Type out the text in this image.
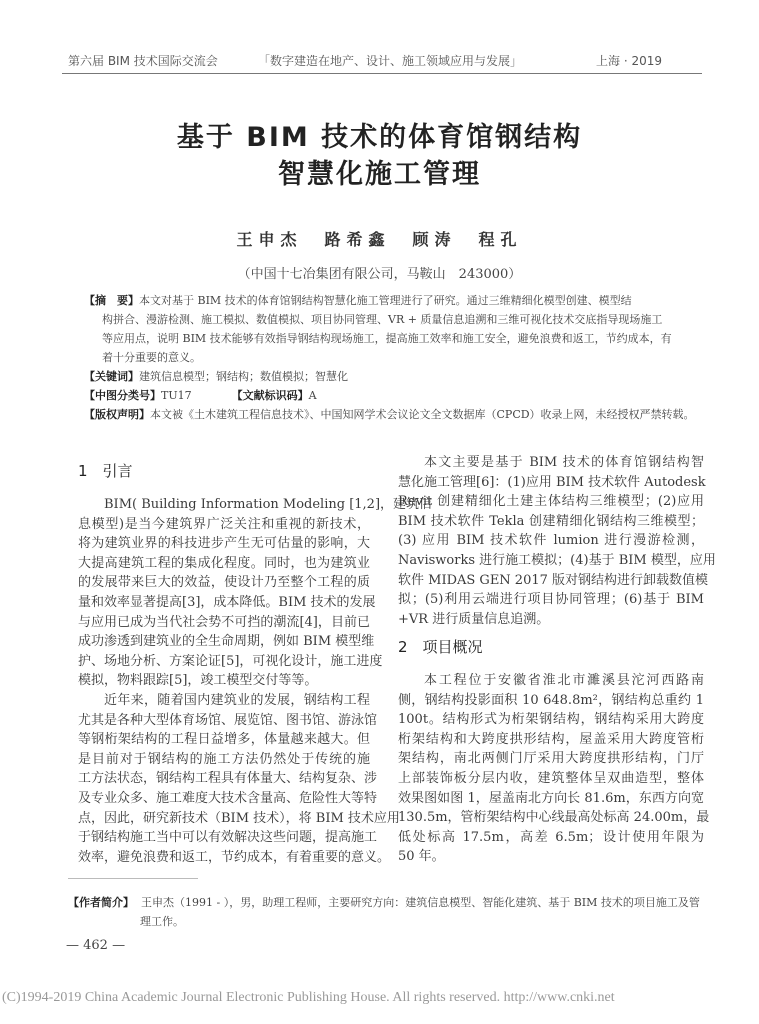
第六届 BIM 技术国际交流会	「数字建造在地产、设计、施工领域应用与发展」	上海 · 2019
基于 BIM 技术的体育馆钢结构
智慧化施工管理
王申杰　路希鑫　顾涛　程孔
（中国十七冶集团有限公司，马鞍山　243000）
【摘　要】本文对基于 BIM 技术的体育馆钢结构智慧化施工管理进行了研究。通过三维精细化模型创建、模型结
构拼合、漫游检测、施工模拟、数值模拟、项目协同管理、VR + 质量信息追溯和三维可视化技术交底指导现场施工
等应用点，说明 BIM 技术能够有效指导钢结构现场施工，提高施工效率和施工安全，避免浪费和返工，节约成本，有
着十分重要的意义。
【关键词】建筑信息模型；钢结构；数值模拟；智慧化
【中图分类号】TU17	【文献标识码】A
【版权声明】本文被《土木建筑工程信息技术》、中国知网学术会议论文全文数据库（CPCD）收录上网，未经授权严禁转载。
1　引言
BIM( Building Information Modeling [1,2]，建筑信
息模型)是当今建筑界广泛关注和重视的新技术，
将为建筑业界的科技进步产生无可估量的影响，大
大提高建筑工程的集成化程度。同时，也为建筑业
的发展带来巨大的效益，使设计乃至整个工程的质
量和效率显著提高[3]，成本降低。BIM 技术的发展
与应用已成为当代社会势不可挡的潮流[4]，目前已
成功渗透到建筑业的全生命周期，例如 BIM 模型维
护、场地分析、方案论证[5]，可视化设计，施工进度
模拟，物料跟踪[5]，竣工模型交付等等。
近年来，随着国内建筑业的发展，钢结构工程
尤其是各种大型体育场馆、展览馆、图书馆、游泳馆
等钢桁架结构的工程日益增多，体量越来越大。但
是目前对于钢结构的施工方法仍然处于传统的施
工方法状态，钢结构工程具有体量大、结构复杂、涉
及专业众多、施工难度大技术含量高、危险性大等特
点，因此，研究新技术（BIM 技术），将 BIM 技术应用
于钢结构施工当中可以有效解决这些问题，提高施工
效率，避免浪费和返工，节约成本，有着重要的意义。
本文主要是基于 BIM 技术的体育馆钢结构智
慧化施工管理[6]：(1)应用 BIM 技术软件 Autodesk
Revit 创建精细化土建主体结构三维模型；(2)应用
BIM 技术软件 Tekla 创建精细化钢结构三维模型；
(3) 应用 BIM 技术软件 lumion 进行漫游检测，
Navisworks 进行施工模拟；(4)基于 BIM 模型，应用
软件 MIDAS GEN 2017 版对钢结构进行卸载数值模
拟；(5)利用云端进行项目协同管理；(6)基于 BIM
+VR 进行质量信息追溯。
2　项目概况
本工程位于安徽省淮北市濉溪县沱河西路南
侧，钢结构投影面积 10 648.8m²，钢结构总重约 1
100t。结构形式为桁架钢结构，钢结构采用大跨度
桁架结构和大跨度拱形结构，屋盖采用大跨度管桁
架结构，南北两侧门厅采用大跨度拱形结构，门厅
上部装饰板分层内收，建筑整体呈双曲造型，整体
效果图如图 1，屋盖南北方向长 81.6m，东西方向宽
130.5m，管桁架结构中心线最高处标高 24.00m，最
低处标高 17.5m，高差 6.5m；设计使用年限为
50 年。
【作者简介】 王申杰（1991 - ），男，助理工程师，主要研究方向：建筑信息模型、智能化建筑、基于 BIM 技术的项目施工及管
理工作。
— 462 —
(C)1994-2019 China Academic Journal Electronic Publishing House. All rights reserved. http://www.cnki.net
